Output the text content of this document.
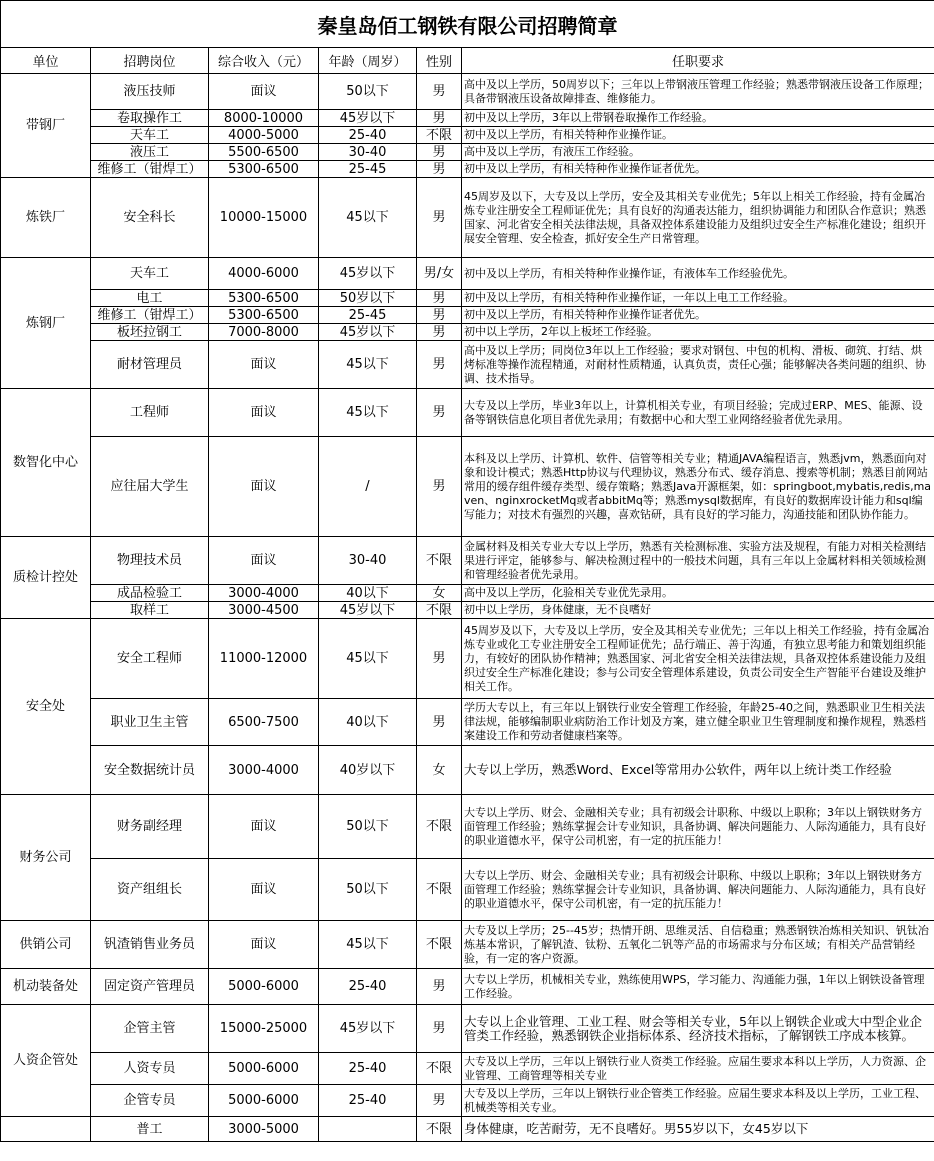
秦皇岛佰工钢铁有限公司招聘简章					
单位	招聘岗位	综合收入（元）	年龄（周岁）	性别	任职要求
带钢厂	液压技师	面议	50以下	男	高中及以上学历，50周岁以下；三年以上带钢液压管理工作经验；熟悉带钢液压设备工作原理；具备带钢液压设备故障排查、维修能力。
	卷取操作工	8000-10000	45岁以下	男	初中及以上学历，3年以上带钢卷取操作工作经验。
	天车工	4000-5000	25-40	不限	初中及以上学历，有相关特种作业操作证。
	液压工	5500-6500	30-40	男	高中及以上学历，有液压工作经验。
	维修工（钳焊工）	5300-6500	25-45	男	初中及以上学历，有相关特种作业操作证者优先。
炼铁厂	安全科长	10000-15000	45以下	男	45周岁及以下，大专及以上学历，安全及其相关专业优先；5年以上相关工作经验，持有金属冶炼专业注册安全工程师证优先；具有良好的沟通表达能力，组织协调能力和团队合作意识；熟悉国家、河北省安全相关法律法规，具备双控体系建设能力及组织过安全生产标准化建设；组织开展安全管理、安全检查，抓好安全生产日常管理。
炼钢厂	天车工	4000-6000	45岁以下	男/女	初中及以上学历，有相关特种作业操作证，有液体车工作经验优先。
	电工	5300-6500	50岁以下	男	初中及以上学历，有相关特种作业操作证，一年以上电工工作经验。
	维修工（钳焊工）	5300-6500	25-45	男	初中及以上学历，有相关特种作业操作证者优先。
	板坯拉钢工	7000-8000	45岁以下	男	初中以上学历，2年以上板坯工作经验。
	耐材管理员	面议	45以下	男	高中及以上学历；同岗位3年以上工作经验；要求对钢包、中包的机构、滑板、砌筑、打结、烘烤标准等操作流程精通，对耐材性质精通，认真负责，责任心强；能够解决各类问题的组织、协调、技术指导。
数智化中心	工程师	面议	45以下	男	大专及以上学历，毕业3年以上，计算机相关专业，有项目经验；完成过ERP、MES、能源、设备等钢铁信息化项目者优先录用；有数据中心和大型工业网络经验者优先录用。
	应往届大学生	面议	/	男	本科及以上学历、计算机、软件、信管等相关专业；精通JAVA编程语言，熟悉jvm，熟悉面向对象和设计模式；熟悉Http协议与代理协议，熟悉分布式、缓存消息、搜索等机制；熟悉目前网站常用的缓存组件缓存类型、缓存策略；熟悉Java开源框架，如：springboot,mybatis,redis,maven、nginxrocketMq或者abbitMq等；熟悉mysql数据库，有良好的数据库设计能力和sql编写能力；对技术有强烈的兴趣，喜欢钻研，具有良好的学习能力，沟通技能和团队协作能力。
质检计控处	物理技术员	面议	30-40	不限	金属材料及相关专业大专以上学历，熟悉有关检测标准、实验方法及规程，有能力对相关检测结果进行评定，能够参与、解决检测过程中的一般技术问题，具有三年以上金属材料相关领域检测和管理经验者优先录用。
	成品检验工	3000-4000	40以下	女	高中及以上学历，化验相关专业优先录用。
	取样工	3000-4500	45岁以下	不限	初中以上学历，身体健康，无不良嗜好
安全处	安全工程师	11000-12000	45以下	男	45周岁及以下，大专及以上学历，安全及其相关专业优先；三年以上相关工作经验，持有金属冶炼专业或化工专业注册安全工程师证优先；品行端正、善于沟通，有独立思考能力和策划组织能力，有较好的团队协作精神；熟悉国家、河北省安全相关法律法规，具备双控体系建设能力及组织过安全生产标准化建设；参与公司安全管理体系建设，负责公司安全生产智能平台建设及维护相关工作。
	职业卫生主管	6500-7500	40以下	男	学历大专以上，有三年以上钢铁行业安全管理工作经验，年龄25-40之间，熟悉职业卫生相关法律法规，能够编制职业病防治工作计划及方案，建立健全职业卫生管理制度和操作规程，熟悉档案建设工作和劳动者健康档案等。
	安全数据统计员	3000-4000	40岁以下	女	大专以上学历，熟悉Word、Excel等常用办公软件，两年以上统计类工作经验
财务公司	财务副经理	面议	50以下	不限	大专以上学历、财会、金融相关专业；具有初级会计职称、中级以上职称；3年以上钢铁财务方面管理工作经验；熟练掌握会计专业知识，具备协调、解决问题能力、人际沟通能力，具有良好的职业道德水平，保守公司机密，有一定的抗压能力！
	资产组组长	面议	50以下	不限	大专以上学历、财会、金融相关专业；具有初级会计职称、中级以上职称；3年以上钢铁财务方面管理工作经验；熟练掌握会计专业知识，具备协调、解决问题能力、人际沟通能力，具有良好的职业道德水平，保守公司机密，有一定的抗压能力！
供销公司	钒渣销售业务员	面议	45以下	不限	大专及以上学历；25--45岁；热情开朗、思维灵活、自信稳重；熟悉钢铁冶炼相关知识、钒钛冶炼基本常识，了解钒渣、钛粉、五氧化二钒等产品的市场需求与分布区域；有相关产品营销经验，有一定的客户资源。
机动装备处	固定资产管理员	5000-6000	25-40	男	大专以上学历，机械相关专业，熟练使用WPS，学习能力、沟通能力强，1年以上钢铁设备管理工作经验。
人资企管处	企管主管	15000-25000	45岁以下	男	大专以上企业管理、工业工程、财会等相关专业，5年以上钢铁企业或大中型企业企管类工作经验，熟悉钢铁企业指标体系、经济技术指标，了解钢铁工序成本核算。
	人资专员	5000-6000	25-40	不限	大专及以上学历，三年以上钢铁行业人资类工作经验。应届生要求本科以上学历，人力资源、企业管理、工商管理等相关专业
	企管专员	5000-6000	25-40	男	大专及以上学历，三年以上钢铁行业企管类工作经验。应届生要求本科及以上学历，工业工程、机械类等相关专业。
	普工	3000-5000		不限	身体健康，吃苦耐劳，无不良嗜好。男55岁以下，女45岁以下
